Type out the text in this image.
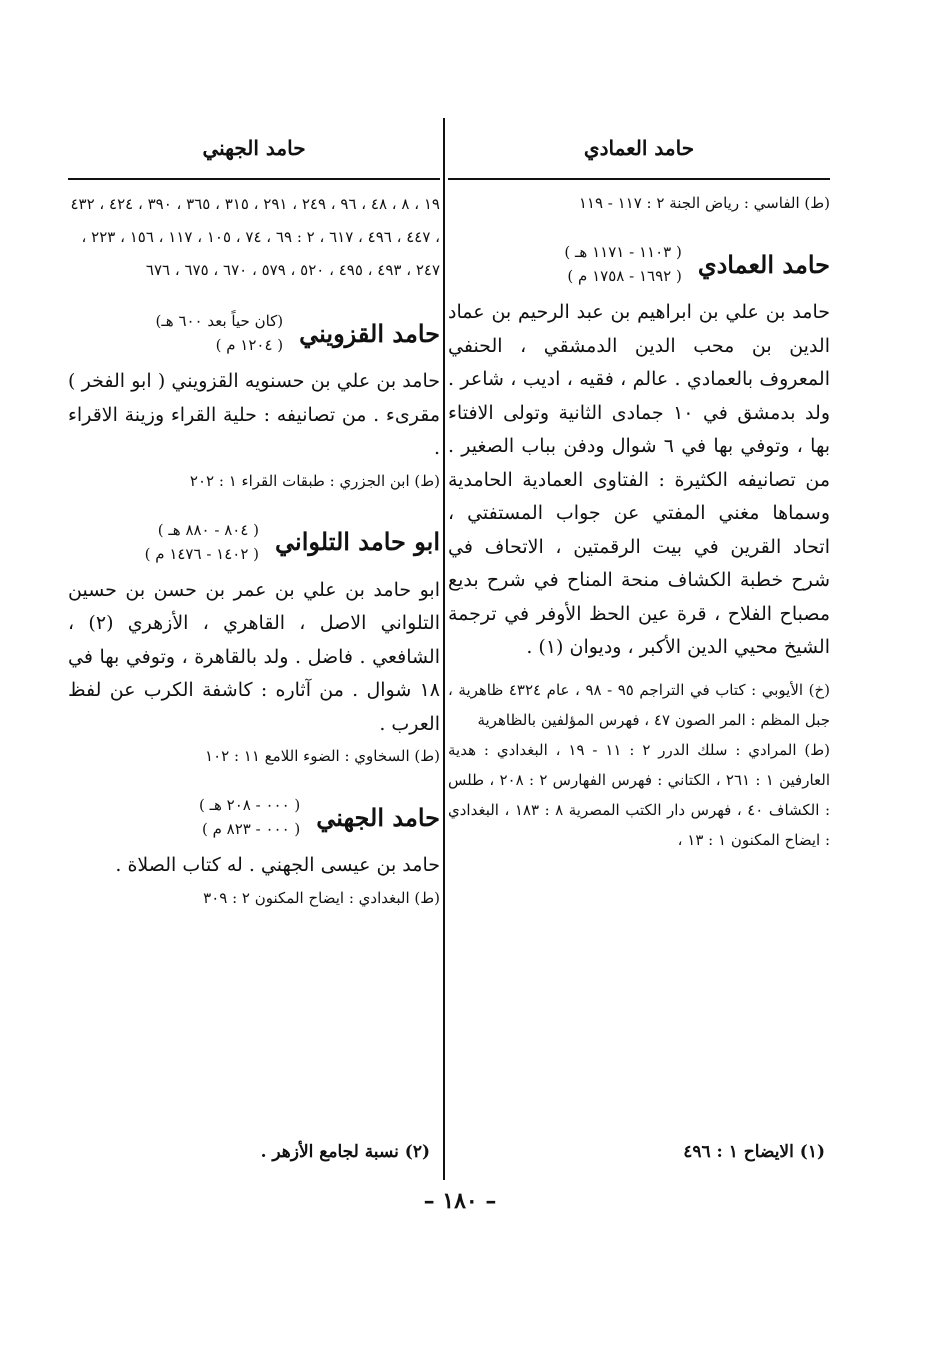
حامد العمادي
(ط) الفاسي : رياض الجنة ٢ : ١١٧ - ١١٩
حامد العمادي
( ١١٠٣ - ١١٧١ هـ )
( ١٦٩٢ - ١٧٥٨ م )
حامد بن علي بن ابراهيم بن عبد الرحيم بن عماد الدين بن محب الدين الدمشقي ، الحنفي المعروف بالعمادي . عالم ، فقيه ، اديب ، شاعر . ولد بدمشق في ١٠ جمادى الثانية وتولى الافتاء بها ، وتوفي بها في ٦ شوال ودفن بباب الصغير . من تصانيفه الكثيرة : الفتاوى العمادية الحامدية وسماها مغني المفتي عن جواب المستفتي ، اتحاد القرين في بيت الرقمتين ، الاتحاف في شرح خطبة الكشاف منحة المناح في شرح بديع مصباح الفلاح ، قرة عين الحظ الأوفر في ترجمة الشيخ محيي الدين الأكبر ، وديوان (١) .
(خ) الأيوبي : كتاب في التراجم ٩٥ - ٩٨ ، عام ٤٣٢٤ ظاهرية ، جبل المظم : المر الصون ٤٧ ، فهرس المؤلفين بالظاهرية
(ط) المرادي : سلك الدرر ٢ : ١١ - ١٩ ، البغدادي : هدية العارفين ١ : ٢٦١ ، الكتاني : فهرس الفهارس ٢ : ٢٠٨ ، طلس : الكشاف ٤٠ ، فهرس دار الكتب المصرية ٨ : ١٨٣ ، البغدادي : ايضاح المكنون ١ : ١٣ ،
حامد الجهني
١٩ ، ٨ ، ٤٨ ، ٩٦ ، ٢٤٩ ، ٢٩١ ، ٣١٥ ، ٣٦٥ ، ٣٩٠ ، ٤٢٤ ، ٤٣٢ ، ٤٤٧ ، ٤٩٦ ، ٦١٧ ، ٢ : ٦٩ ، ٧٤ ، ١٠٥ ، ١١٧ ، ١٥٦ ، ٢٢٣ ، ٢٤٧ ، ٤٩٣ ، ٤٩٥ ، ٥٢٠ ، ٥٧٩ ، ٦٧٠ ، ٦٧٥ ، ٦٧٦
حامد القزويني
(كان حياً بعد ٦٠٠ هـ)
( ١٢٠٤ م )
حامد بن علي بن حسنويه القزويني ( ابو الفخر ) مقرىء . من تصانيفه : حلية القراء وزينة الاقراء .
(ط) ابن الجزري : طبقات القراء ١ : ٢٠٢
ابو حامد التلواني
( ٨٠٤ - ٨٨٠ هـ )
( ١٤٠٢ - ١٤٧٦ م )
ابو حامد بن علي بن عمر بن حسن بن حسين التلواني الاصل ، القاهري ، الأزهري (٢) ، الشافعي . فاضل . ولد بالقاهرة ، وتوفي بها في ١٨ شوال . من آثاره : كاشفة الكرب عن لفظ العرب .
(ط) السخاوي : الضوء اللامع ١١ : ١٠٢
حامد الجهني
( ٠٠٠ - ٢٠٨ هـ )
( ٠٠٠ - ٨٢٣ م )
حامد بن عيسى الجهني . له كتاب الصلاة .
(ط) البغدادي : ايضاح المكنون ٢ : ٣٠٩
(١) الايضاح ١ : ٤٩٦
(٢) نسبة لجامع الأزهر .
– ١٨٠ –
